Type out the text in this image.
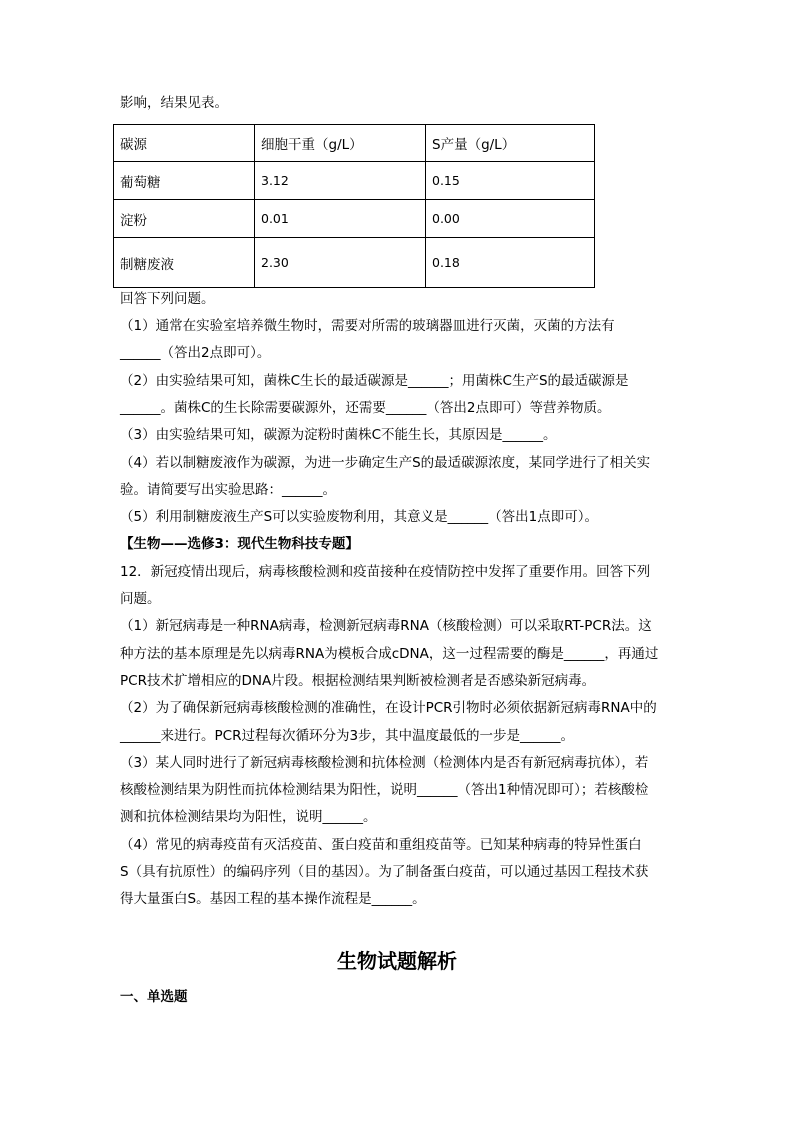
影响，结果见表。
碳源	细胞干重（g/L）	S产量（g/L）
葡萄糖	3.12	0.15
淀粉	0.01	0.00
制糖废液	2.30	0.18
回答下列问题。
（1）通常在实验室培养微生物时，需要对所需的玻璃器皿进行灭菌，灭菌的方法有
______（答出2点即可）。
（2）由实验结果可知，菌株C生长的最适碳源是______；用菌株C生产S的最适碳源是
______。菌株C的生长除需要碳源外，还需要______（答出2点即可）等营养物质。
（3）由实验结果可知，碳源为淀粉时菌株C不能生长，其原因是______。
（4）若以制糖废液作为碳源，为进一步确定生产S的最适碳源浓度，某同学进行了相关实
验。请简要写出实验思路：______。
（5）利用制糖废液生产S可以实验废物利用，其意义是______（答出1点即可）。
【生物——选修3：现代生物科技专题】
12．新冠疫情出现后，病毒核酸检测和疫苗接种在疫情防控中发挥了重要作用。回答下列
问题。
（1）新冠病毒是一种RNA病毒，检测新冠病毒RNA（核酸检测）可以采取RT-PCR法。这
种方法的基本原理是先以病毒RNA为模板合成cDNA，这一过程需要的酶是______，再通过
PCR技术扩增相应的DNA片段。根据检测结果判断被检测者是否感染新冠病毒。
（2）为了确保新冠病毒核酸检测的准确性，在设计PCR引物时必须依据新冠病毒RNA中的
______来进行。PCR过程每次循环分为3步，其中温度最低的一步是______。
（3）某人同时进行了新冠病毒核酸检测和抗体检测（检测体内是否有新冠病毒抗体），若
核酸检测结果为阴性而抗体检测结果为阳性，说明______（答出1种情况即可）；若核酸检
测和抗体检测结果均为阳性，说明______。
（4）常见的病毒疫苗有灭活疫苗、蛋白疫苗和重组疫苗等。已知某种病毒的特异性蛋白
S（具有抗原性）的编码序列（目的基因）。为了制备蛋白疫苗，可以通过基因工程技术获
得大量蛋白S。基因工程的基本操作流程是______。
生物试题解析
一、单选题
